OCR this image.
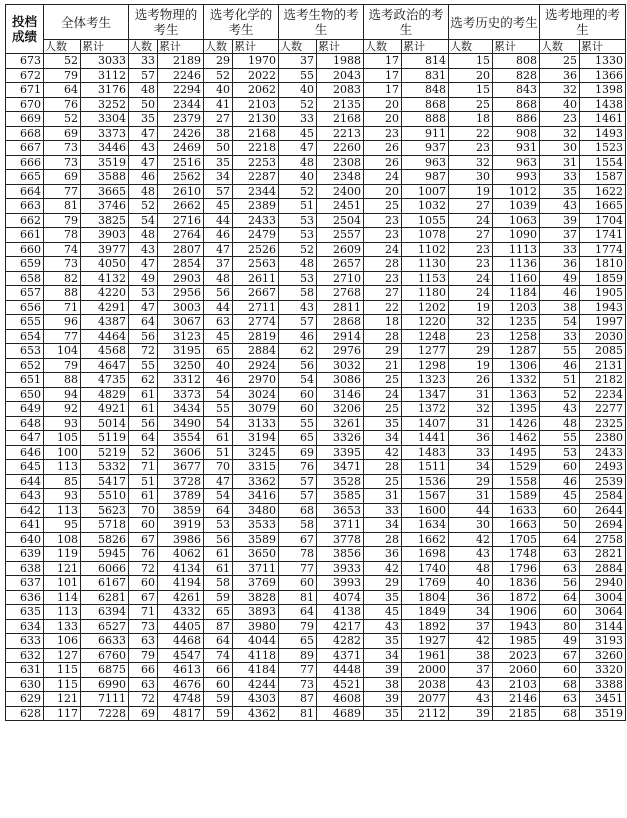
投档成绩	全体考生		选考物理的考生		选考化学的考生		选考生物的考生		选考政治的考生		选考历史的考生		选考地理的考生	
	人数	累计	人数	累计	人数	累计	人数	累计	人数	累计	人数	累计	人数	累计
673	52	3033	33	2189	29	1970	37	1988	17	814	15	808	25	1330
672	79	3112	57	2246	52	2022	55	2043	17	831	20	828	36	1366
671	64	3176	48	2294	40	2062	40	2083	17	848	15	843	32	1398
670	76	3252	50	2344	41	2103	52	2135	20	868	25	868	40	1438
669	52	3304	35	2379	27	2130	33	2168	20	888	18	886	23	1461
668	69	3373	47	2426	38	2168	45	2213	23	911	22	908	32	1493
667	73	3446	43	2469	50	2218	47	2260	26	937	23	931	30	1523
666	73	3519	47	2516	35	2253	48	2308	26	963	32	963	31	1554
665	69	3588	46	2562	34	2287	40	2348	24	987	30	993	33	1587
664	77	3665	48	2610	57	2344	52	2400	20	1007	19	1012	35	1622
663	81	3746	52	2662	45	2389	51	2451	25	1032	27	1039	43	1665
662	79	3825	54	2716	44	2433	53	2504	23	1055	24	1063	39	1704
661	78	3903	48	2764	46	2479	53	2557	23	1078	27	1090	37	1741
660	74	3977	43	2807	47	2526	52	2609	24	1102	23	1113	33	1774
659	73	4050	47	2854	37	2563	48	2657	28	1130	23	1136	36	1810
658	82	4132	49	2903	48	2611	53	2710	23	1153	24	1160	49	1859
657	88	4220	53	2956	56	2667	58	2768	27	1180	24	1184	46	1905
656	71	4291	47	3003	44	2711	43	2811	22	1202	19	1203	38	1943
655	96	4387	64	3067	63	2774	57	2868	18	1220	32	1235	54	1997
654	77	4464	56	3123	45	2819	46	2914	28	1248	23	1258	33	2030
653	104	4568	72	3195	65	2884	62	2976	29	1277	29	1287	55	2085
652	79	4647	55	3250	40	2924	56	3032	21	1298	19	1306	46	2131
651	88	4735	62	3312	46	2970	54	3086	25	1323	26	1332	51	2182
650	94	4829	61	3373	54	3024	60	3146	24	1347	31	1363	52	2234
649	92	4921	61	3434	55	3079	60	3206	25	1372	32	1395	43	2277
648	93	5014	56	3490	54	3133	55	3261	35	1407	31	1426	48	2325
647	105	5119	64	3554	61	3194	65	3326	34	1441	36	1462	55	2380
646	100	5219	52	3606	51	3245	69	3395	42	1483	33	1495	53	2433
645	113	5332	71	3677	70	3315	76	3471	28	1511	34	1529	60	2493
644	85	5417	51	3728	47	3362	57	3528	25	1536	29	1558	46	2539
643	93	5510	61	3789	54	3416	57	3585	31	1567	31	1589	45	2584
642	113	5623	70	3859	64	3480	68	3653	33	1600	44	1633	60	2644
641	95	5718	60	3919	53	3533	58	3711	34	1634	30	1663	50	2694
640	108	5826	67	3986	56	3589	67	3778	28	1662	42	1705	64	2758
639	119	5945	76	4062	61	3650	78	3856	36	1698	43	1748	63	2821
638	121	6066	72	4134	61	3711	77	3933	42	1740	48	1796	63	2884
637	101	6167	60	4194	58	3769	60	3993	29	1769	40	1836	56	2940
636	114	6281	67	4261	59	3828	81	4074	35	1804	36	1872	64	3004
635	113	6394	71	4332	65	3893	64	4138	45	1849	34	1906	60	3064
634	133	6527	73	4405	87	3980	79	4217	43	1892	37	1943	80	3144
633	106	6633	63	4468	64	4044	65	4282	35	1927	42	1985	49	3193
632	127	6760	79	4547	74	4118	89	4371	34	1961	38	2023	67	3260
631	115	6875	66	4613	66	4184	77	4448	39	2000	37	2060	60	3320
630	115	6990	63	4676	60	4244	73	4521	38	2038	43	2103	68	3388
629	121	7111	72	4748	59	4303	87	4608	39	2077	43	2146	63	3451
628	117	7228	69	4817	59	4362	81	4689	35	2112	39	2185	68	3519
